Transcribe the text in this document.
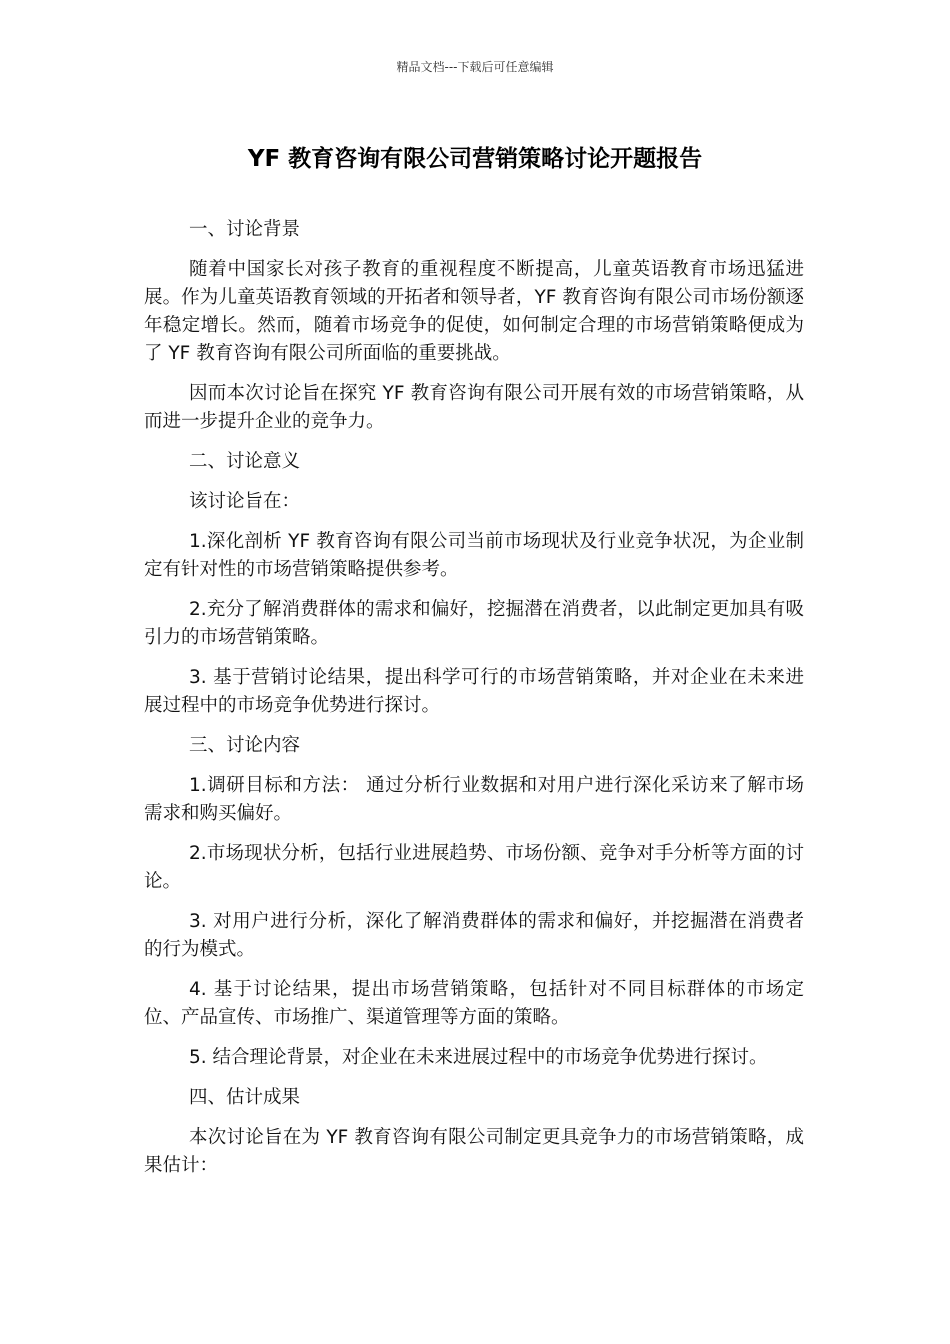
精品文档---下载后可任意编辑
YF 教育咨询有限公司营销策略讨论开题报告

一、讨论背景

随着中国家长对孩子教育的重视程度不断提高，儿童英语教育市场迅猛进展。作为儿童英语教育领域的开拓者和领导者，YF 教育咨询有限公司市场份额逐年稳定增长。然而，随着市场竞争的促使，如何制定合理的市场营销策略便成为了 YF 教育咨询有限公司所面临的重要挑战。

因而本次讨论旨在探究 YF 教育咨询有限公司开展有效的市场营销策略，从而进一步提升企业的竞争力。

二、讨论意义

该讨论旨在：

1.深化剖析 YF 教育咨询有限公司当前市场现状及行业竞争状况，为企业制定有针对性的市场营销策略提供参考。

2.充分了解消费群体的需求和偏好，挖掘潜在消费者，以此制定更加具有吸引力的市场营销策略。

3. 基于营销讨论结果，提出科学可行的市场营销策略，并对企业在未来进展过程中的市场竞争优势进行探讨。

三、讨论内容

1.调研目标和方法： 通过分析行业数据和对用户进行深化采访来了解市场需求和购买偏好。

2.市场现状分析，包括行业进展趋势、市场份额、竞争对手分析等方面的讨论。

3. 对用户进行分析，深化了解消费群体的需求和偏好，并挖掘潜在消费者的行为模式。

4. 基于讨论结果，提出市场营销策略，包括针对不同目标群体的市场定位、产品宣传、市场推广、渠道管理等方面的策略。

5. 结合理论背景，对企业在未来进展过程中的市场竞争优势进行探讨。

四、估计成果

本次讨论旨在为 YF 教育咨询有限公司制定更具竞争力的市场营销策略，成果估计：
